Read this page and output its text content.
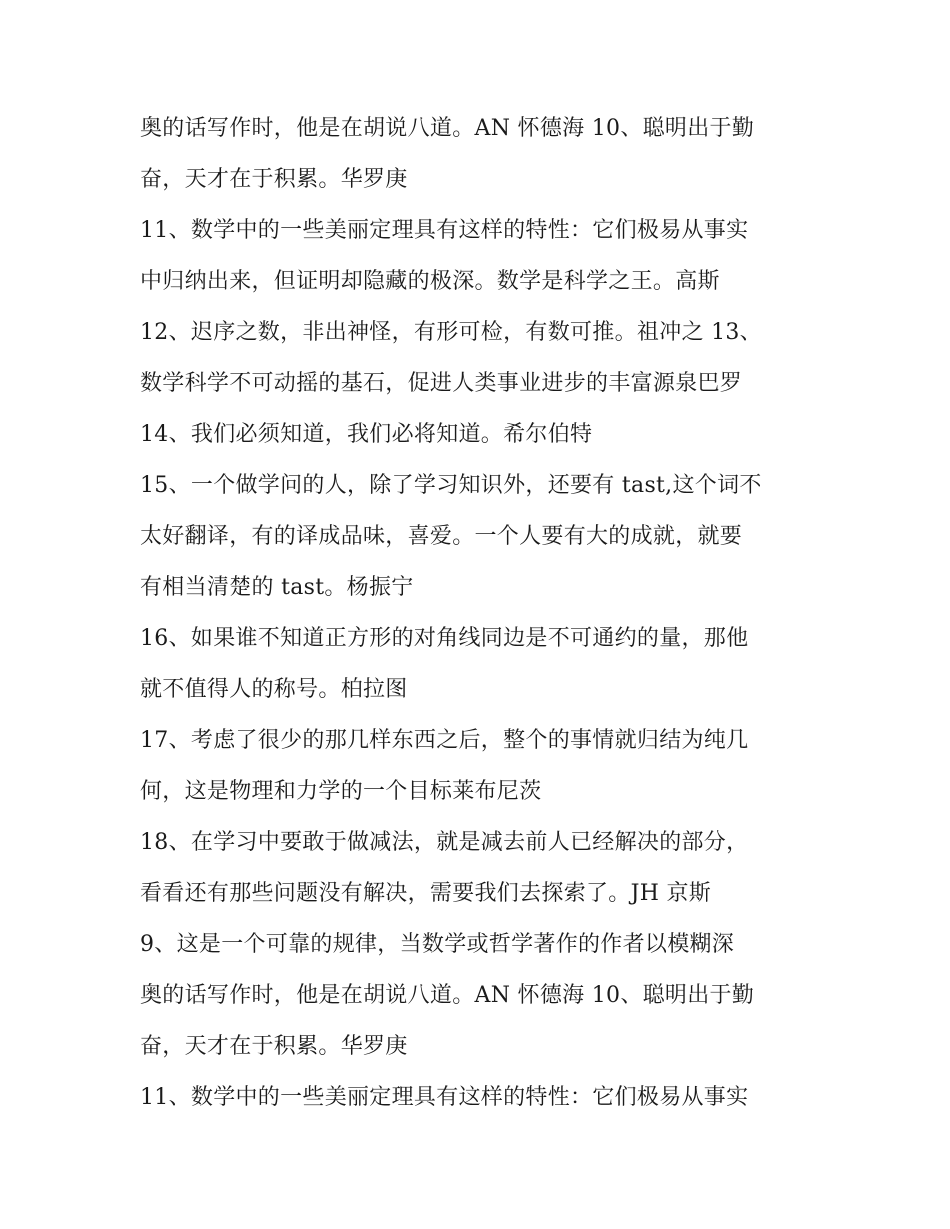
奥的话写作时，他是在胡说八道。AN 怀德海 10、聪明出于勤
奋，天才在于积累。华罗庚
11、数学中的一些美丽定理具有这样的特性：它们极易从事实
中归纳出来，但证明却隐藏的极深。数学是科学之王。高斯
12、迟序之数，非出神怪，有形可检，有数可推。祖冲之 13、
数学科学不可动摇的基石，促进人类事业进步的丰富源泉巴罗
14、我们必须知道，我们必将知道。希尔伯特
15、一个做学问的人，除了学习知识外，还要有 tast,这个词不
太好翻译，有的译成品味，喜爱。一个人要有大的成就，就要
有相当清楚的 tast。杨振宁
16、如果谁不知道正方形的对角线同边是不可通约的量，那他
就不值得人的称号。柏拉图
17、考虑了很少的那几样东西之后，整个的事情就归结为纯几
何，这是物理和力学的一个目标莱布尼茨
18、在学习中要敢于做减法，就是减去前人已经解决的部分，
看看还有那些问题没有解决，需要我们去探索了。JH 京斯
9、这是一个可靠的规律，当数学或哲学著作的作者以模糊深
奥的话写作时，他是在胡说八道。AN 怀德海 10、聪明出于勤
奋，天才在于积累。华罗庚
11、数学中的一些美丽定理具有这样的特性：它们极易从事实
